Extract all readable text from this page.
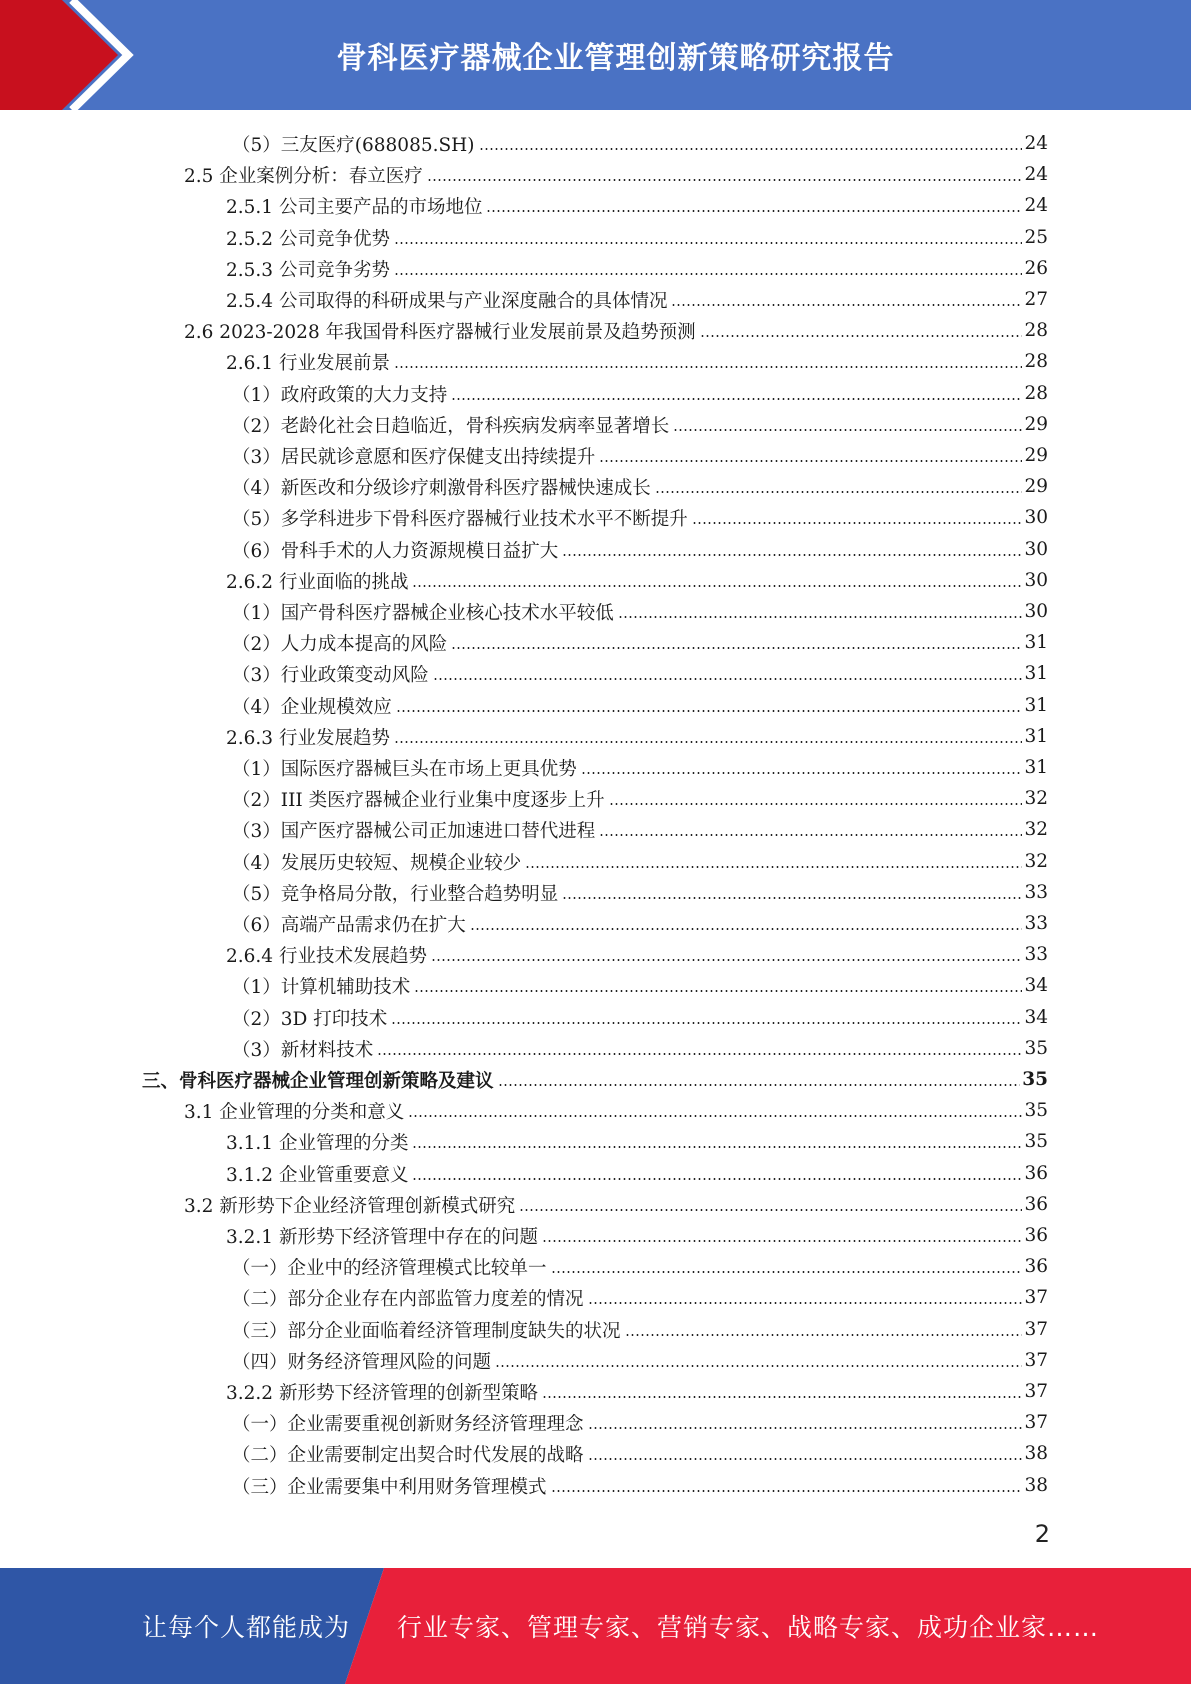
骨科医疗器械企业管理创新策略研究报告
（5）三友医疗(688085.SH)	24
2.5 企业案例分析：春立医疗	24
2.5.1 公司主要产品的市场地位	24
2.5.2 公司竞争优势	25
2.5.3 公司竞争劣势	26
2.5.4 公司取得的科研成果与产业深度融合的具体情况	27
2.6 2023-2028 年我国骨科医疗器械行业发展前景及趋势预测	28
2.6.1 行业发展前景	28
（1）政府政策的大力支持	28
（2）老龄化社会日趋临近，骨科疾病发病率显著增长	29
（3）居民就诊意愿和医疗保健支出持续提升	29
（4）新医改和分级诊疗刺激骨科医疗器械快速成长	29
（5）多学科进步下骨科医疗器械行业技术水平不断提升	30
（6）骨科手术的人力资源规模日益扩大	30
2.6.2 行业面临的挑战	30
（1）国产骨科医疗器械企业核心技术水平较低	30
（2）人力成本提高的风险	31
（3）行业政策变动风险	31
（4）企业规模效应	31
2.6.3 行业发展趋势	31
（1）国际医疗器械巨头在市场上更具优势	31
（2）III 类医疗器械企业行业集中度逐步上升	32
（3）国产医疗器械公司正加速进口替代进程	32
（4）发展历史较短、规模企业较少	32
（5）竞争格局分散，行业整合趋势明显	33
（6）高端产品需求仍在扩大	33
2.6.4 行业技术发展趋势	33
（1）计算机辅助技术	34
（2）3D 打印技术	34
（3）新材料技术	35
三、骨科医疗器械企业管理创新策略及建议	35
3.1 企业管理的分类和意义	35
3.1.1 企业管理的分类	35
3.1.2 企业管重要意义	36
3.2 新形势下企业经济管理创新模式研究	36
3.2.1 新形势下经济管理中存在的问题	36
（一）企业中的经济管理模式比较单一	36
（二）部分企业存在内部监管力度差的情况	37
（三）部分企业面临着经济管理制度缺失的状况	37
（四）财务经济管理风险的问题	37
3.2.2 新形势下经济管理的创新型策略	37
（一）企业需要重视创新财务经济管理理念	37
（二）企业需要制定出契合时代发展的战略	38
（三）企业需要集中利用财务管理模式	38
2
让每个人都能成为 行业专家、管理专家、营销专家、战略专家、成功企业家……
